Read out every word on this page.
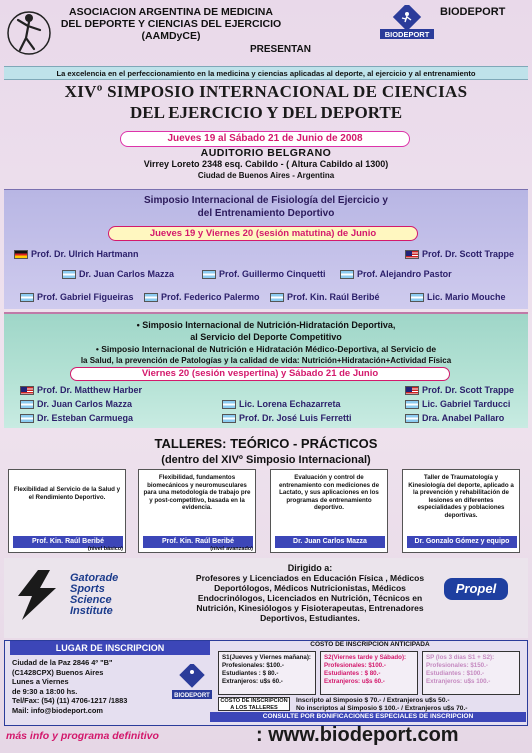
ASOCIACION ARGENTINA DE MEDICINA
DEL DEPORTE Y CIENCIAS DEL EJERCICIO
(AAMDyCE)	BIODEPORT
BIODEPORT
PRESENTAN
La excelencia en el perfeccionamiento en la medicina y ciencias aplicadas al deporte, al ejercicio y al entrenamiento
XIVº SIMPOSIO INTERNACIONAL DE CIENCIAS
DEL EJERCICIO Y DEL DEPORTE
Jueves 19 al Sábado 21 de Junio de 2008
AUDITORIO BELGRANO
Virrey Loreto 2348 esq. Cabildo - ( Altura Cabildo al 1300)
Ciudad de Buenos Aires - Argentina
Simposio Internacional de Fisiología del Ejercicio y
del Entrenamiento Deportivo
Jueves 19 y Viernes 20 (sesión matutina) de Junio
Prof. Dr. Ulrich Hartmann	Prof. Dr. Scott Trappe
Dr. Juan Carlos Mazza	Prof. Guillermo Cinquetti	Prof. Alejandro Pastor
Prof. Gabriel Figueiras	Prof. Federico Palermo	Prof. Kin. Raúl Beribé	Lic. Mario Mouche
• Simposio Internacional de Nutrición-Hidratación Deportiva,
al Servicio del Deporte Competitivo
• Simposio Internacional de Nutrición e Hidratación Médico-Deportiva, al Servicio de
la Salud, la prevención de Patologías y la calidad de vida: Nutrición+Hidratación+Actividad Física
Viernes 20 (sesión vespertina) y Sábado 21 de Junio
Prof. Dr. Matthew Harber	Prof. Dr. Scott Trappe
Dr. Juan Carlos Mazza	Lic. Lorena Echazarreta	Lic. Gabriel Tarducci
Dr. Esteban Carmuega	Prof. Dr. José Luis Ferretti	Dra. Anabel Pallaro
TALLERES: TEÓRICO - PRÁCTICOS
(dentro del XIVº Simposio Internacional)
Flexibilidad al Servicio de la Salud y el Rendimiento Deportivo.
Prof. Kin. Raúl Beribé
(nivel básico)
Flexibilidad, fundamentos biomecánicos y neuromusculares para una metodología de trabajo pre y post-competitivo, basada en la evidencia.
Prof. Kin. Raúl Beribé
(nivel avanzado)
Evaluación y control de entrenamiento con mediciones de Lactato, y sus aplicaciones en los programas de entrenamiento deportivo.
Dr. Juan Carlos Mazza
Taller de Traumatología y Kinesiología del deporte, aplicado a la prevención y rehabilitación de lesiones en diferentes especialidades y poblaciones deportivas.
Dr. Gonzalo Gómez y equipo
Gatorade
Sports
Science
Institute
Dirigido a:
Profesores y Licenciados en Educación Física , Médicos Deportólogos, Médicos Nutricionistas, Médicos Endocrinólogos, Licenciados en Nutrición, Técnicos en Nutrición, Kinesiólogos y Fisioterapeutas, Entrenadores Deportivos, Estudiantes.
Propel
LUGAR DE INSCRIPCION
Ciudad de la Paz 2846 4º "B"
(C1428CPX) Buenos Aires
Lunes a Viernes
de 9:30 a 18:00 hs.
Tel/Fax: (54) (11) 4706-1217 /1883
Mail: info@biodeport.com
BIODEPORT
COSTO DE INSCRIPCION ANTICIPADA
S1(Jueves y Viernes mañana):
Profesionales: $100.-
Estudiantes : $ 80.-
Extranjeros: u$s 60.-
S2(Viernes tarde y Sábado):
Profesionales: $100.-
Estudiantes : $ 80.-
Extranjeros: u$s 60.-
SP (los 3 días S1 + S2):
Profesionales: $150.-
Estudiantes : $100.-
Extranjeros: u$s 100.-
COSTO DE INSCRIPCION
A LOS TALLERES
Inscripto al Simposio $ 70.- / Extranjeros u$s 50.-
No inscriptos al Simposio $ 100.- / Extranjeros u$s 70.-
CONSULTE POR BONIFICACIONES ESPECIALES DE INSCRIPCION
más info y programa definitivo	: www.biodeport.com
